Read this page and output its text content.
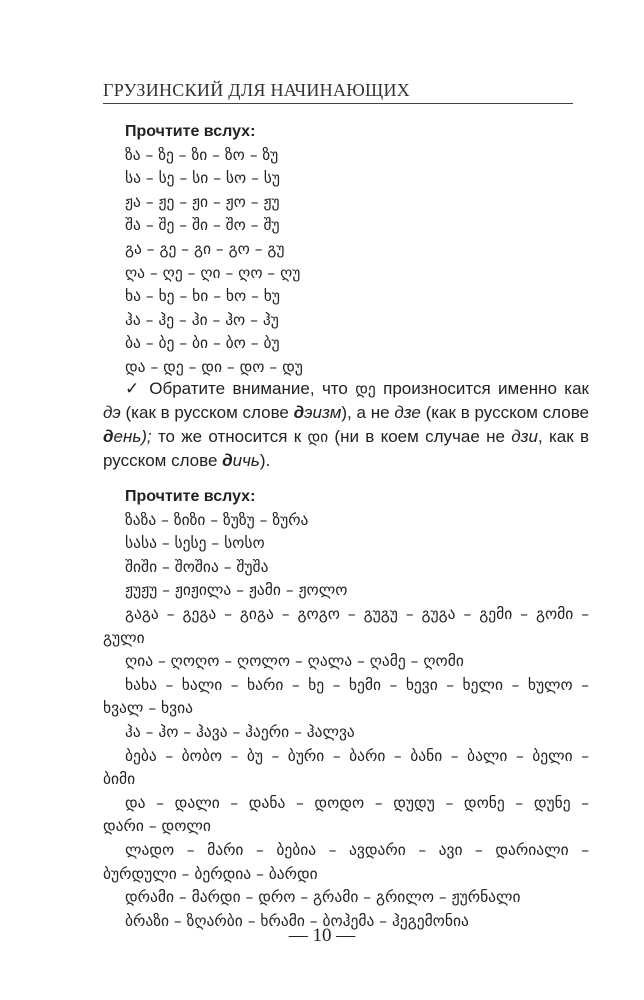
ГРУЗИНСКИЙ ДЛЯ НАЧИНАЮЩИХ
Прочтите вслух:
ზა – ზე – ზი – ზო – ზუ
სა – სე – სი – სო – სუ
ჟა – ჟე – ჟი – ჟო – ჟუ
შა – შე – ში – შო – შუ
გა – გე – გი – გო – გუ
ღა – ღე – ღი – ღო – ღუ
ხა – ხე – ხი – ხო – ხუ
ჰა – ჰე – ჰი – ჰო – ჰუ
ბა – ბე – ბი – ბო – ბუ
და – დე – დი – დო – დუ
✓ Обратите внимание, что დე произносится именно как дэ (как в русском слове дэизм), а не дзе (как в русском слове день); то же относится к დი (ни в коем случае не дзи, как в русском слове дичь).
Прочтите вслух:
ზაზა – ზიზი – ზუზუ – ზურა
სასა – სესე – სოსო
შიში – შოშია – შუშა
ჟუჟუ – ჟიჟილა – ჟამი – ჟოლო
გაგა – გეგა – გიგა – გოგო – გუგუ – გუგა – გემი – გომი –
გული
ღია – ღოღო – ღოლო – ღალა – ღამე – ღომი
ხახა – ხალი – ხარი – ხე – ხემი – ხევი – ხელი – ხულო –
ხვალ – ხვია
ჰა – ჰო – ჰავა – ჰაერი – ჰალვა
ბება – ბობო – ბუ – ბური – ბარი – ბანი – ბალი – ბელი –
ბიმი
და – დალი – დანა – დოდო – დუდუ – დონე – დუნე –
დარი – დოლი
ლადო – მარი – ბებია – ავდარი – ავი – დარიალი –
ბურდული – ბერდია – ბარდი
დრამი – მარდი – დრო – გრამი – გრილო – ჟურნალი
ბრაზი – ზღარბი – ხრამი – ბოჰემა – ჰეგემონია
— 10 —
